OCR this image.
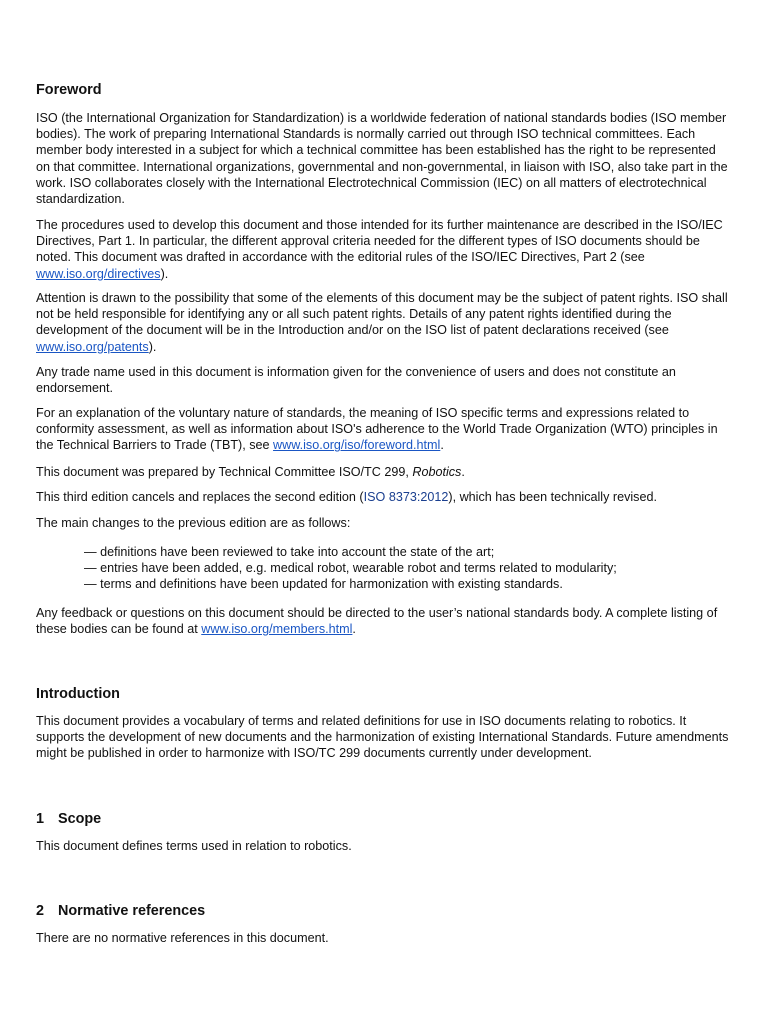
Foreword

ISO (the International Organization for Standardization) is a worldwide federation of national standards bodies (ISO member bodies). The work of preparing International Standards is normally carried out through ISO technical committees. Each member body interested in a subject for which a technical committee has been established has the right to be represented on that committee. International organizations, governmental and non-governmental, in liaison with ISO, also take part in the work. ISO collaborates closely with the International Electrotechnical Commission (IEC) on all matters of electrotechnical standardization.

The procedures used to develop this document and those intended for its further maintenance are described in the ISO/IEC Directives, Part 1. In particular, the different approval criteria needed for the different types of ISO documents should be noted. This document was drafted in accordance with the editorial rules of the ISO/IEC Directives, Part 2 (see www.iso.org/directives).

Attention is drawn to the possibility that some of the elements of this document may be the subject of patent rights. ISO shall not be held responsible for identifying any or all such patent rights. Details of any patent rights identified during the development of the document will be in the Introduction and/or on the ISO list of patent declarations received (see www.iso.org/patents).

Any trade name used in this document is information given for the convenience of users and does not constitute an endorsement.

For an explanation of the voluntary nature of standards, the meaning of ISO specific terms and expressions related to conformity assessment, as well as information about ISO's adherence to the World Trade Organization (WTO) principles in the Technical Barriers to Trade (TBT), see www.iso.org/iso/foreword.html.

This document was prepared by Technical Committee ISO/TC 299, Robotics.

This third edition cancels and replaces the second edition (ISO 8373:2012), which has been technically revised.

The main changes to the previous edition are as follows:

— definitions have been reviewed to take into account the state of the art;
— entries have been added, e.g. medical robot, wearable robot and terms related to modularity;
— terms and definitions have been updated for harmonization with existing standards.

Any feedback or questions on this document should be directed to the user’s national standards body. A complete listing of these bodies can be found at www.iso.org/members.html.

Introduction

This document provides a vocabulary of terms and related definitions for use in ISO documents relating to robotics. It supports the development of new documents and the harmonization of existing International Standards. Future amendments might be published in order to harmonize with ISO/TC 299 documents currently under development.

1 Scope

This document defines terms used in relation to robotics.

2 Normative references

There are no normative references in this document.
